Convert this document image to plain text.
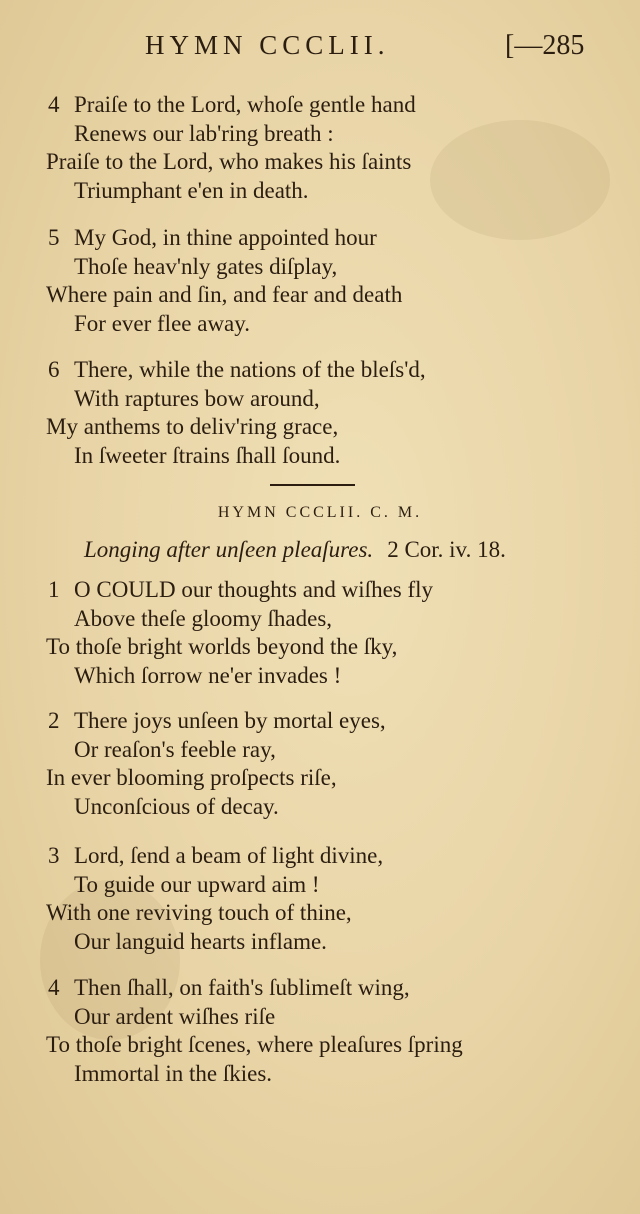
HYMN CCCLII.	[—285
4 Praiſe to the Lord, whoſe gentle hand
Renews our lab'ring breath :
Praiſe to the Lord, who makes his ſaints
Triumphant e'en in death.
5 My God, in thine appointed hour
Thoſe heav'nly gates diſplay,
Where pain and ſin, and fear and death
For ever flee away.
6 There, while the nations of the bleſs'd,
With raptures bow around,
My anthems to deliv'ring grace,
In ſweeter ſtrains ſhall ſound.
HYMN CCCLII. C. M.
Longing after unſeen pleaſures. 2 Cor. iv. 18.
1 O COULD our thoughts and wiſhes fly
Above theſe gloomy ſhades,
To thoſe bright worlds beyond the ſky,
Which ſorrow ne'er invades !
2 There joys unſeen by mortal eyes,
Or reaſon's feeble ray,
In ever blooming proſpects riſe,
Unconſcious of decay.
3 Lord, ſend a beam of light divine,
To guide our upward aim !
With one reviving touch of thine,
Our languid hearts inflame.
4 Then ſhall, on faith's ſublimeſt wing,
Our ardent wiſhes riſe
To thoſe bright ſcenes, where pleaſures ſpring
Immortal in the ſkies.
